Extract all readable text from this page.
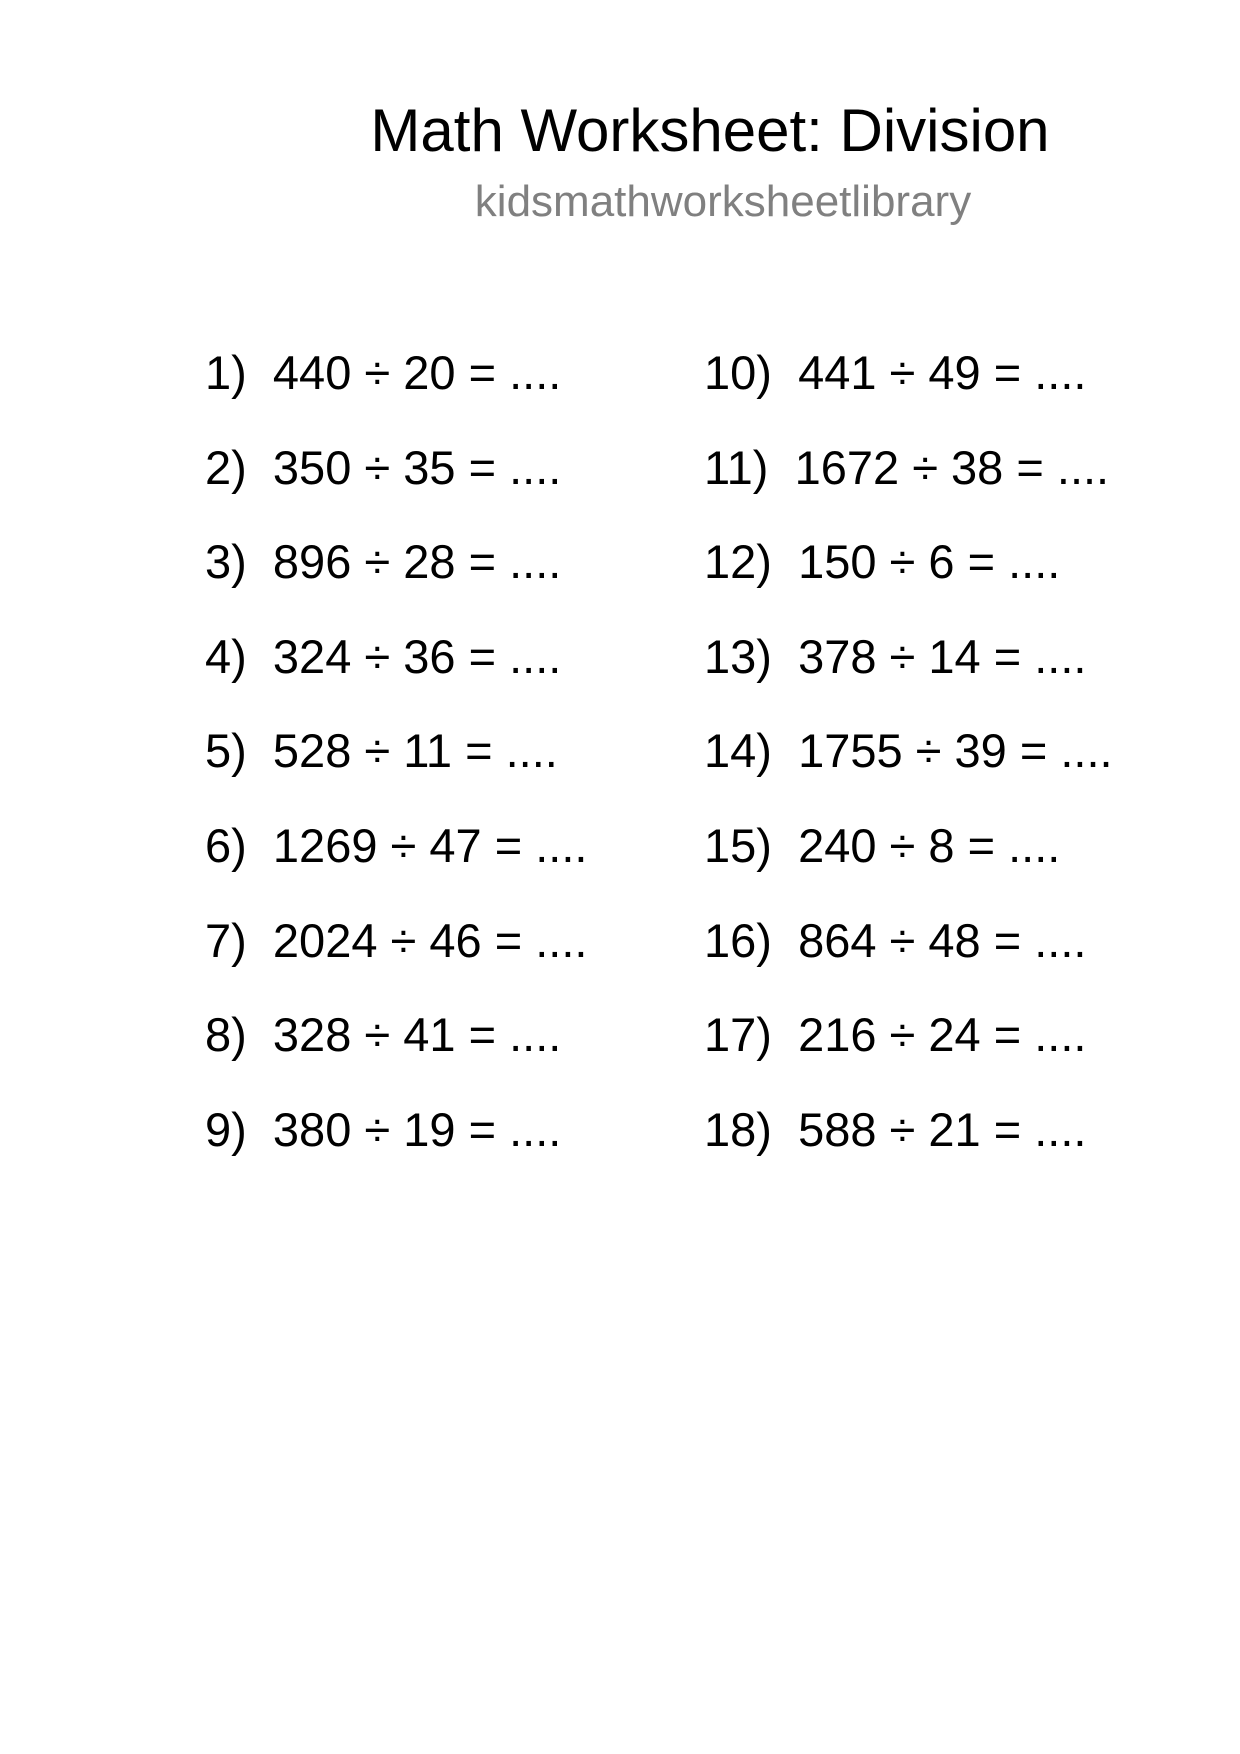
Math Worksheet: Division
kidsmathworksheetlibrary
1) 440 ÷ 20 = ....
2) 350 ÷ 35 = ....
3) 896 ÷ 28 = ....
4) 324 ÷ 36 = ....
5) 528 ÷ 11 = ....
6) 1269 ÷ 47 = ....
7) 2024 ÷ 46 = ....
8) 328 ÷ 41 = ....
9) 380 ÷ 19 = ....
10) 441 ÷ 49 = ....
11) 1672 ÷ 38 = ....
12) 150 ÷ 6 = ....
13) 378 ÷ 14 = ....
14) 1755 ÷ 39 = ....
15) 240 ÷ 8 = ....
16) 864 ÷ 48 = ....
17) 216 ÷ 24 = ....
18) 588 ÷ 21 = ....
